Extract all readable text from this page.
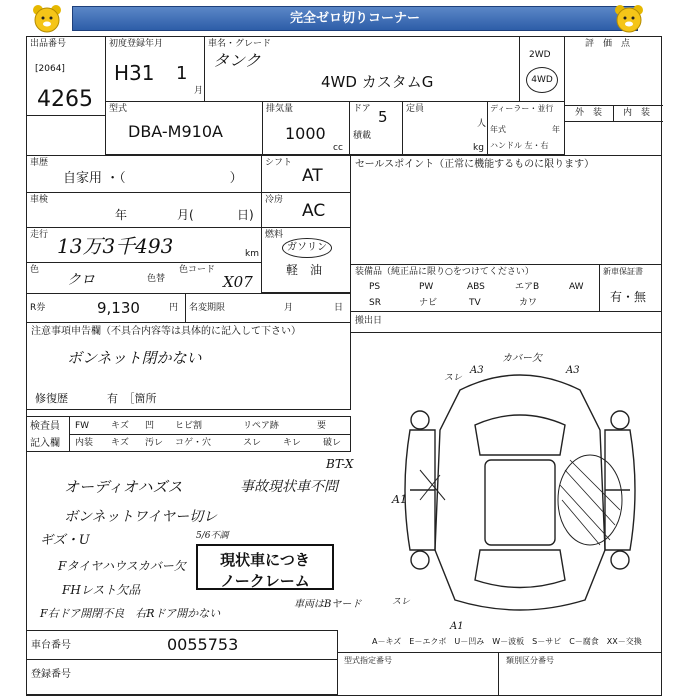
完全ゼロ切りコーナー
出品番号
[2064]
4265
初度登録年月
H31 1
月
車名・グレード
タンク
4WD カスタムG
2WD
4WD
評　価　点
外　装 内　装
型式
DBA-M910A
排気量
1000
cc
ドア 5
積載
定員
人
kg
ディーラー・並行
年式	年
ハンドル 左・右
車歴
自家用 ・（　　　　　　　　）
シフト
AT
セールスポイント（正常に機能するものに限ります）
車検
年	月(	日)
冷房
AC
走行 13万3千493	km
燃料
ガソリン
軽　油
色
クロ	色替
色コード
X07
装備品（純正品に限り○をつけてください）
PS	PW	ABS	エアB	AW
SR	ナビ	TV	カワ
新車保証書
有・無
R券	9,130	円 名変期限	月	日
搬出日
注意事項申告欄（不具合内容等は具体的に記入して下さい）
ボンネット閉かない
修復歴	有　［箇所
検査員
記入欄
FW キズ 凹 ヒビ割	リペア跡	要
内装 キズ 汚レ コゲ・穴	スレ キレ 破レ
オーディオハズス
ボンネットワイヤー切レ
ギズ・U
Fタイヤハウスカバー欠
FHレスト欠品
F右ドア開閉不良　右Rドア開かない
BT-X
事故現状車不問
カバー欠
A3	A3
スレ
A1
A1
スレ
5/6不調
車両はBヤード
現状車につき
ノークレーム
A－キズ　E－エクボ　U－凹み　W－波板　S－サビ　C－腐食　XX－交換
車台番号	0055753
登録番号
型式指定番号	類別区分番号
